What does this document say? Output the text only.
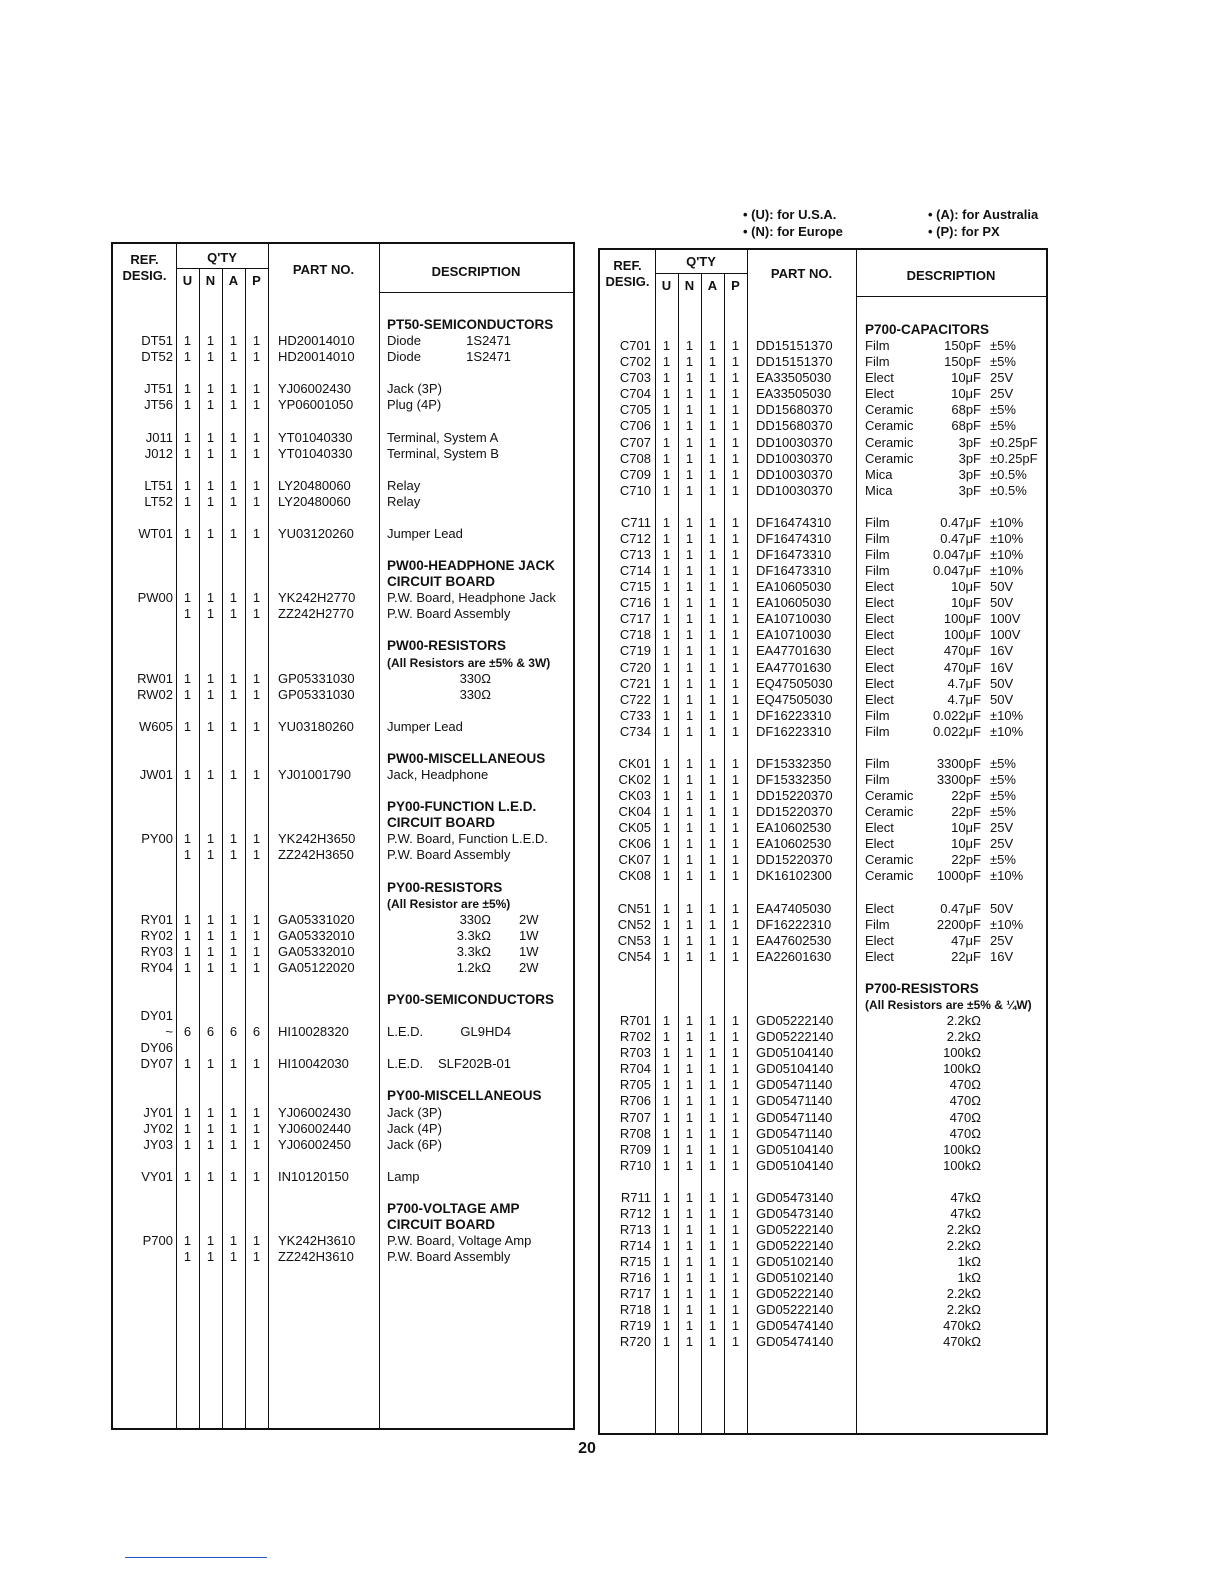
• (U): for U.S.A.
• (N): for Europe
• (A): for Australia
• (P): for PX
REF.
DESIG.
Q'TY
U	N	A	P
PART NO.	DESCRIPTION
PT50-SEMICONDUCTORS
DT51 1	1	1	1	HD20014010 Diode	1S2471
DT52 1	1	1	1	HD20014010 Diode	1S2471
JT51 1	1	1	1	YJ06002430	Jack (3P)
JT56 1	1	1	1	YP06001050	Plug (4P)
J011 1	1	1	1	YT01040330	Terminal, System A
J012 1	1	1	1	YT01040330	Terminal, System B
LT51 1	1	1	1	LY20480060	Relay
LT52 1	1	1	1	LY20480060	Relay
WT01 1	1	1	1	YU03120260	Jumper Lead
PW00-HEADPHONE JACK
CIRCUIT BOARD
PW00 1	1	1	1	YK242H2770 P.W. Board, Headphone Jack
1	1	1	1	ZZ242H2770	P.W. Board Assembly
PW00-RESISTORS
(All Resistors are ±5% & 3W)
RW01 1	1	1	1	GP05331030	330Ω
RW02 1	1	1	1	GP05331030	330Ω
W605 1	1	1	1	YU03180260	Jumper Lead
PW00-MISCELLANEOUS
JW01 1	1	1	1	YJ01001790	Jack, Headphone
PY00-FUNCTION L.E.D.
CIRCUIT BOARD
PY00 1	1	1	1	YK242H3650 P.W. Board, Function L.E.D.
1	1	1	1	ZZ242H3650	P.W. Board Assembly
PY00-RESISTORS
(All Resistor are ±5%)
RY01 1	1	1	1	GA05331020	330Ω 2W
RY02 1	1	1	1	GA05332010	3.3kΩ 1W
RY03 1	1	1	1	GA05332010	3.3kΩ 1W
RY04 1	1	1	1	GA05122020	1.2kΩ 2W
PY00-SEMICONDUCTORS
DY01
~ 6	6	6	6	HI10028320	L.E.D.	GL9HD4
DY06
DY07 1	1	1	1	HI10042030	L.E.D.	SLF202B-01
PY00-MISCELLANEOUS
JY01 1	1	1	1	YJ06002430	Jack (3P)
JY02 1	1	1	1	YJ06002440	Jack (4P)
JY03 1	1	1	1	YJ06002450	Jack (6P)
VY01 1	1	1	1	IN10120150	Lamp
P700-VOLTAGE AMP
CIRCUIT BOARD
P700 1	1	1	1	YK242H3610 P.W. Board, Voltage Amp
1	1	1	1	ZZ242H3610	P.W. Board Assembly
REF.
DESIG.
Q'TY
U	N	A	P
PART NO.	DESCRIPTION
P700-CAPACITORS
C701 1	1	1	1	DD15151370 Film	150pF ±5%
C702 1	1	1	1	DD15151370 Film	150pF ±5%
C703 1	1	1	1	EA33505030	Elect	10μF 25V
C704 1	1	1	1	EA33505030	Elect	10μF 25V
C705 1	1	1	1	DD15680370 Ceramic	68pF ±5%
C706 1	1	1	1	DD15680370 Ceramic	68pF ±5%
C707 1	1	1	1	DD10030370 Ceramic	3pF ±0.25pF
C708 1	1	1	1	DD10030370 Ceramic	3pF ±0.25pF
C709 1	1	1	1	DD10030370 Mica	3pF ±0.5%
C710 1	1	1	1	DD10030370 Mica	3pF ±0.5%
C711 1	1	1	1	DF16474310	Film	0.47μF ±10%
C712 1	1	1	1	DF16474310	Film	0.47μF ±10%
C713 1	1	1	1	DF16473310	Film	0.047μF ±10%
C714 1	1	1	1	DF16473310	Film	0.047μF ±10%
C715 1	1	1	1	EA10605030	Elect	10μF 50V
C716 1	1	1	1	EA10605030	Elect	10μF 50V
C717 1	1	1	1	EA10710030	Elect	100μF 100V
C718 1	1	1	1	EA10710030	Elect	100μF 100V
C719 1	1	1	1	EA47701630	Elect	470μF 16V
C720 1	1	1	1	EA47701630	Elect	470μF 16V
C721 1	1	1	1	EQ47505030 Elect	4.7μF 50V
C722 1	1	1	1	EQ47505030 Elect	4.7μF 50V
C733 1	1	1	1	DF16223310	Film	0.022μF ±10%
C734 1	1	1	1	DF16223310	Film	0.022μF ±10%
CK01 1	1	1	1	DF15332350	Film	3300pF ±5%
CK02 1	1	1	1	DF15332350	Film	3300pF ±5%
CK03 1	1	1	1	DD15220370 Ceramic	22pF ±5%
CK04 1	1	1	1	DD15220370 Ceramic	22pF ±5%
CK05 1	1	1	1	EA10602530	Elect	10μF 25V
CK06 1	1	1	1	EA10602530	Elect	10μF 25V
CK07 1	1	1	1	DD15220370 Ceramic	22pF ±5%
CK08 1	1	1	1	DK16102300	Ceramic	1000pF ±10%
CN51 1	1	1	1	EA47405030	Elect	0.47μF 50V
CN52 1	1	1	1	DF16222310	Film	2200pF ±10%
CN53 1	1	1	1	EA47602530	Elect	47μF 25V
CN54 1	1	1	1	EA22601630	Elect	22μF 16V
P700-RESISTORS
(All Resistors are ±5% & ¼W)
R701 1	1	1	1	GD05222140	2.2kΩ
R702 1	1	1	1	GD05222140	2.2kΩ
R703 1	1	1	1	GD05104140	100kΩ
R704 1	1	1	1	GD05104140	100kΩ
R705 1	1	1	1	GD05471140	470Ω
R706 1	1	1	1	GD05471140	470Ω
R707 1	1	1	1	GD05471140	470Ω
R708 1	1	1	1	GD05471140	470Ω
R709 1	1	1	1	GD05104140	100kΩ
R710 1	1	1	1	GD05104140	100kΩ
R711 1	1	1	1	GD05473140	47kΩ
R712 1	1	1	1	GD05473140	47kΩ
R713 1	1	1	1	GD05222140	2.2kΩ
R714 1	1	1	1	GD05222140	2.2kΩ
R715 1	1	1	1	GD05102140	1kΩ
R716 1	1	1	1	GD05102140	1kΩ
R717 1	1	1	1	GD05222140	2.2kΩ
R718 1	1	1	1	GD05222140	2.2kΩ
R719 1	1	1	1	GD05474140	470kΩ
R720 1	1	1	1	GD05474140	470kΩ
20
